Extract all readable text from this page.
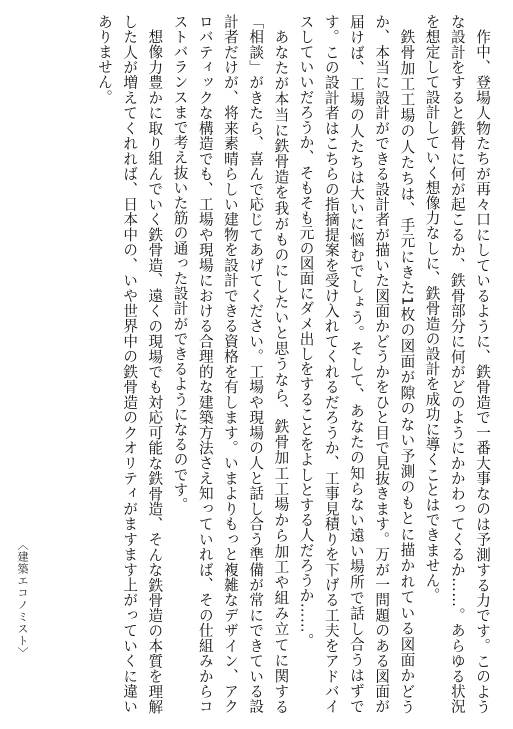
作中、登場人物たちが再々口にしているように、鉄骨造で一番大事なのは予測する力です。このような設計をすると鉄骨に何が起こるか、鉄骨部分に何がどのようにかかわってくるか……。あらゆる状況を想定して設計していく想像力なしに、鉄骨造の設計を成功に導くことはできません。

鉄骨加工工場の人たちは、手元にきた1枚の図面が隙のない予測のもとに描かれている図面かどうか、本当に設計ができる設計者が描いた図面かどうかをひと目で見抜きます。万が一問題のある図面が届けば、工場の人たちは大いに悩むでしょう。そして、あなたの知らない遠い場所で話し合うはずです。この設計者はこちらの指摘提案を受け入れてくれるだろうか、工事見積りを下げる工夫をアドバイスしていいだろうか、そもそも元の図面にダメ出しをすることをよしとする人だろうか……。

あなたが本当に鉄骨造を我がものにしたいと思うなら、鉄骨加工工場から加工や組み立てに関する「相談」がきたら、喜んで応じてあげてください。工場や現場の人と話し合う準備が常にできている設計者だけが、将来素晴らしい建物を設計できる資格を有します。いまよりもっと複雑なデザイン、アクロバティックな構造でも、工場や現場における合理的な建築方法さえ知っていれば、その仕組みからコストバランスまで考え抜いた筋の通った設計ができるようになるのです。

想像力豊かに取り組んでいく鉄骨造、遠くの現場でも対応可能な鉄骨造、そんな鉄骨造の本質を理解した人が増えてくれれば、日本中の、いや世界中の鉄骨造のクオリティがますます上がっていくに違いありません。

〈建築エコノミスト〉
